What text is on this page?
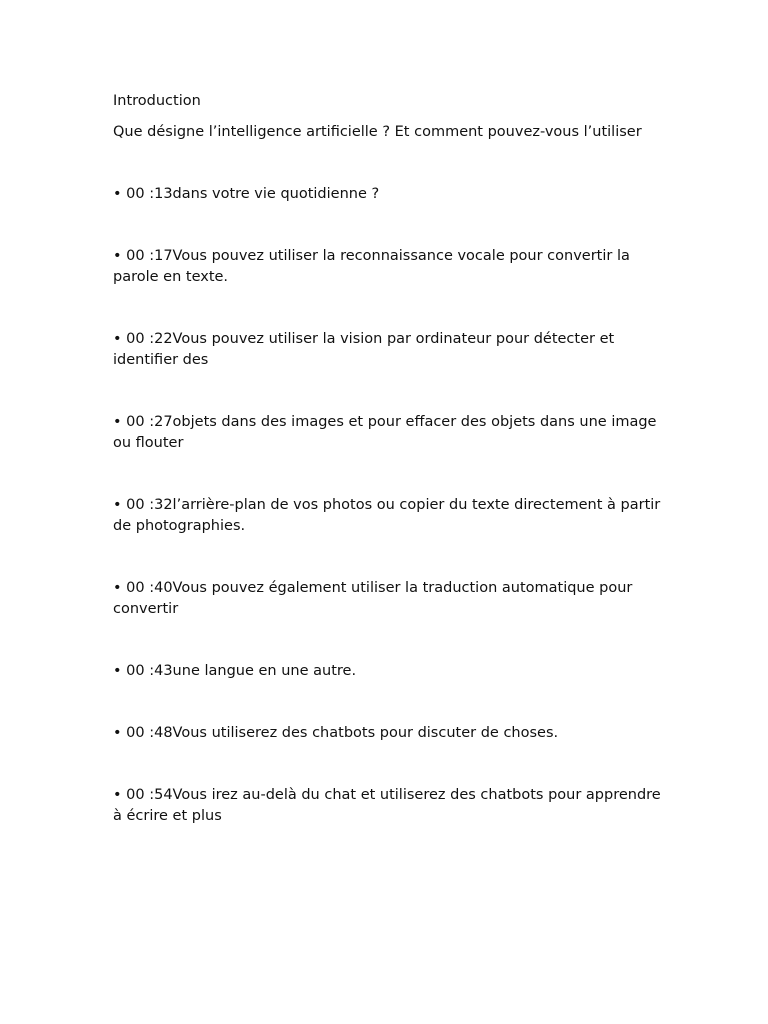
Introduction

Que désigne l’intelligence artificielle ? Et comment pouvez-vous l’utiliser

• 00 :13dans votre vie quotidienne ?
• 00 :17Vous pouvez utiliser la reconnaissance vocale pour convertir la parole en texte.
• 00 :22Vous pouvez utiliser la vision par ordinateur pour détecter et identifier des
• 00 :27objets dans des images et pour effacer des objets dans une image ou flouter
• 00 :32l’arrière-plan de vos photos ou copier du texte directement à partir de photographies.
• 00 :40Vous pouvez également utiliser la traduction automatique pour convertir
• 00 :43une langue en une autre.
• 00 :48Vous utiliserez des chatbots pour discuter de choses.
• 00 :54Vous irez au-delà du chat et utiliserez des chatbots pour apprendre à écrire et plus
